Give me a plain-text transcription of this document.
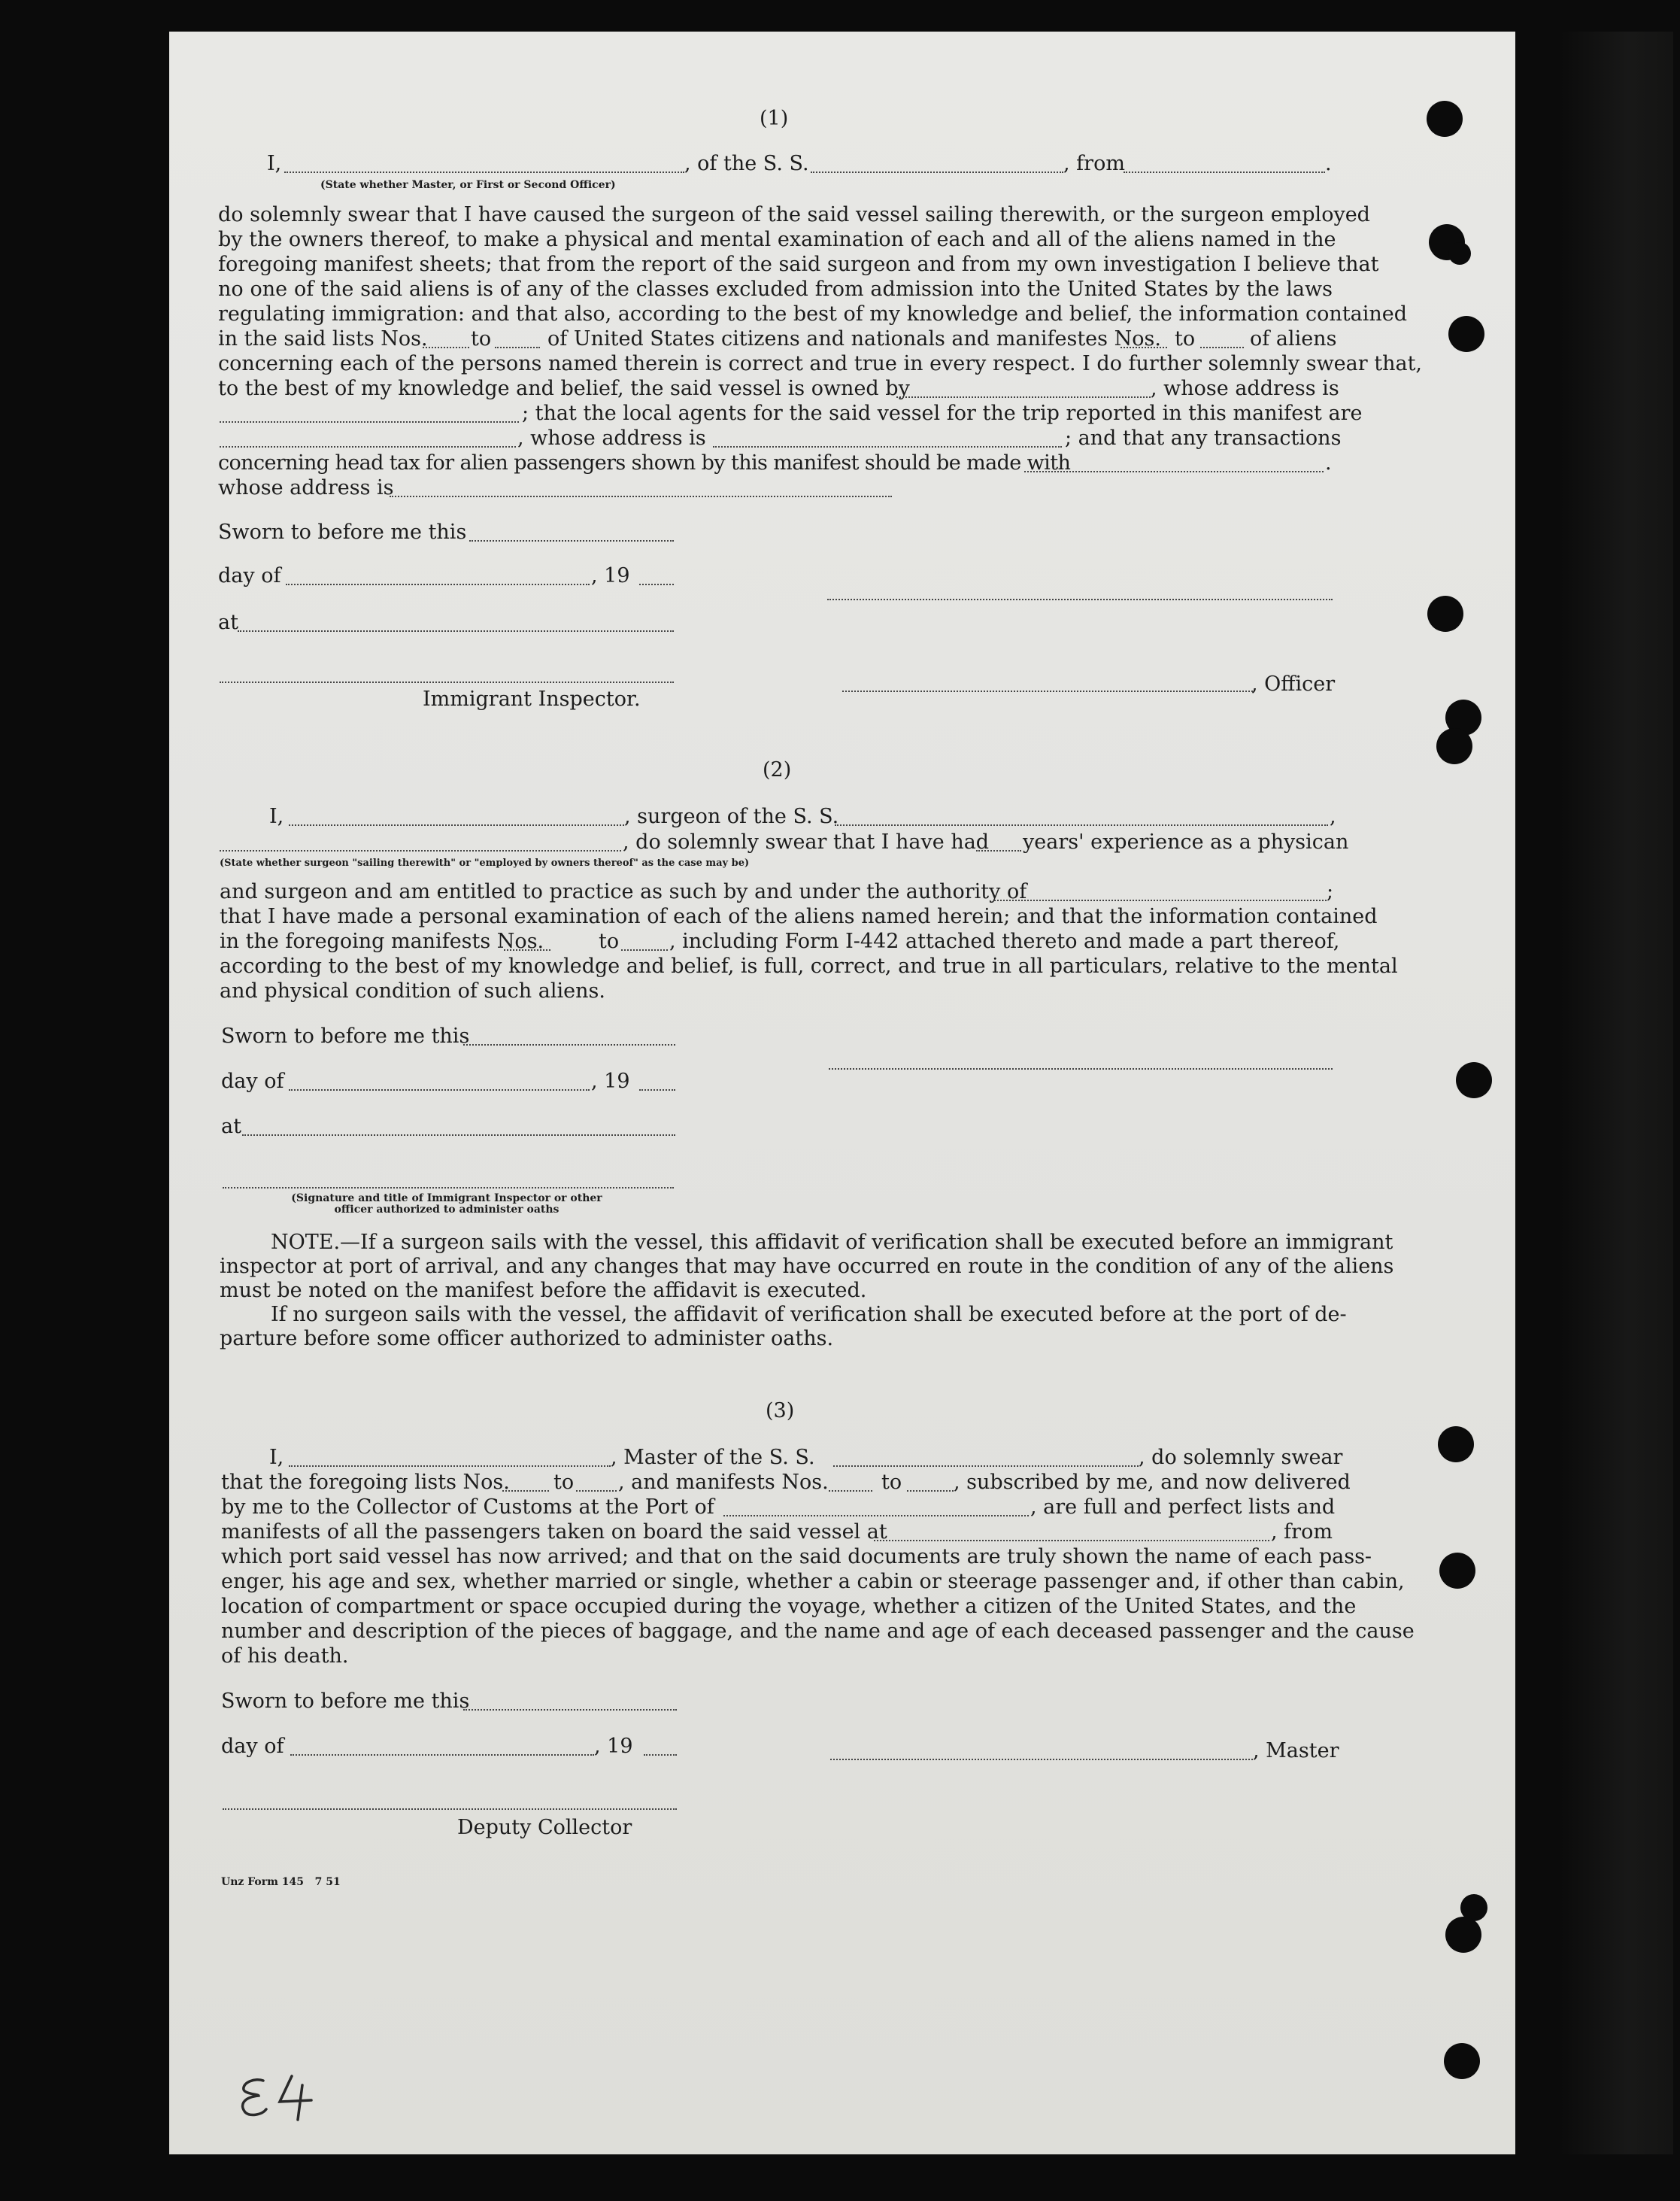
(1)
I,	, of the S. S.	, from	.
(State whether Master, or First or Second Officer)
do solemnly swear that I have caused the surgeon of the said vessel sailing therewith, or the surgeon employed
by the owners thereof, to make a physical and mental examination of each and all of the aliens named in the
foregoing manifest sheets; that from the report of the said surgeon and from my own investigation I believe that
no one of the said aliens is of any of the classes excluded from admission into the United States by the laws
regulating immigration: and that also, according to the best of my knowledge and belief, the information contained
in the said lists Nos. to	of United States citizens and nationals and manifestes Nos. to	of aliens
concerning each of the persons named therein is correct and true in every respect. I do further solemnly swear that,
to the best of my knowledge and belief, the said vessel is owned by	, whose address is
; that the local agents for the said vessel for the trip reported in this manifest are
, whose address is	; and that any transactions
concerning head tax for alien passengers shown by this manifest should be made with	.
whose address is
Sworn to before me this
day of	, 19
at
, Officer
Immigrant Inspector.
(2)
I,	, surgeon of the S. S.	,
, do solemnly swear that I have had years' experience as a physican
(State whether surgeon "sailing therewith" or "employed by owners thereof" as the case may be)
and surgeon and am entitled to practice as such by and under the authority of	;
that I have made a personal examination of each of the aliens named herein; and that the information contained
in the foregoing manifests Nos.	to , including Form I-442 attached thereto and made a part thereof,
according to the best of my knowledge and belief, is full, correct, and true in all particulars, relative to the mental
and physical condition of such aliens.
Sworn to before me this
day of	, 19
at
(Signature and title of Immigrant Inspector or other
officer authorized to administer oaths
NOTE.—If a surgeon sails with the vessel, this affidavit of verification shall be executed before an immigrant
inspector at port of arrival, and any changes that may have occurred en route in the condition of any of the aliens
must be noted on the manifest before the affidavit is executed.
If no surgeon sails with the vessel, the affidavit of verification shall be executed before at the port of de-
parture before some officer authorized to administer oaths.
(3)
I,	, Master of the S. S.	, do solemnly swear
that the foregoing lists Nos. to , and manifests Nos.	to	, subscribed by me, and now delivered
by me to the Collector of Customs at the Port of	, are full and perfect lists and
manifests of all the passengers taken on board the said vessel at	, from
which port said vessel has now arrived; and that on the said documents are truly shown the name of each pass-
enger, his age and sex, whether married or single, whether a cabin or steerage passenger and, if other than cabin,
location of compartment or space occupied during the voyage, whether a citizen of the United States, and the
number and description of the pieces of baggage, and the name and age of each deceased passenger and the cause
of his death.
Sworn to before me this
day of	, 19	, Master
Deputy Collector
Unz Form 145   7 51
